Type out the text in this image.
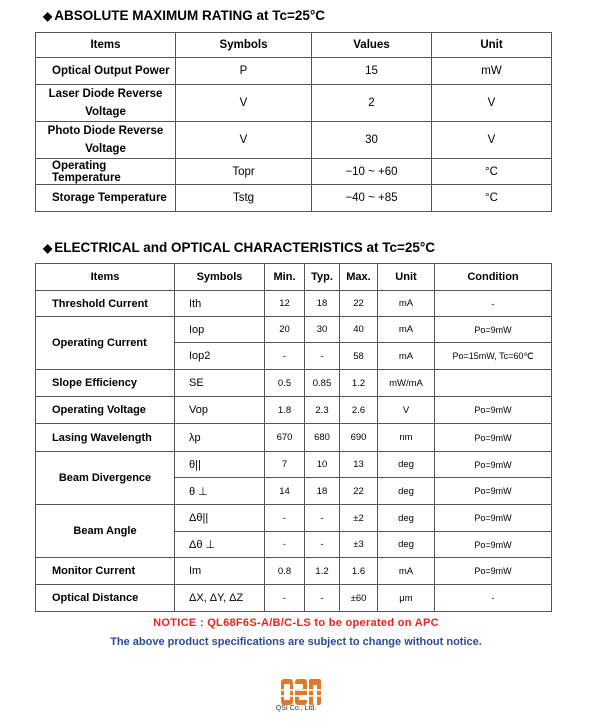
◆ ABSOLUTE MAXIMUM RATING at Tc=25°C
Items	Symbols	Values	Unit
Optical Output Power	P	15	mW
Laser Diode Reverse
Voltage	V	2	V
Photo Diode Reverse
Voltage	V	30	V
Operating Temperature	Topr	−10 ~ +60	°C
Storage Temperature	Tstg	−40 ~ +85	°C
◆ ELECTRICAL and OPTICAL CHARACTERISTICS at Tc=25°C
Items	Symbols	Min.	Typ.	Max.	Unit	Condition
Threshold Current	Ith	12	18	22	mA	-
Operating Current	Iop	20	30	40	mA	Po=9mW
	Iop2	-	-	58	mA	Po=15mW, Tc=60℃
Slope Efficiency	SE	0.5	0.85	1.2	mW/mA	
Operating Voltage	Vop	1.8	2.3	2.6	V	Po=9mW
Lasing Wavelength	λp	670	680	690	nm	Po=9mW
Beam Divergence	θ||	7	10	13	deg	Po=9mW
	θ ⊥	14	18	22	deg	Po=9mW
Beam Angle	Δθ||	-	-	±2	deg	Po=9mW
	Δθ ⊥	-	-	±3	deg	Po=9mW
Monitor Current	Im	0.8	1.2	1.6	mA	Po=9mW
Optical Distance	ΔX, ΔY, ΔZ	-	-	±60	μm	-
NOTICE : QL68F6S-A/B/C-LS to be operated on APC
The above product specifications are subject to change without notice.
QSI Co., Ltd.
